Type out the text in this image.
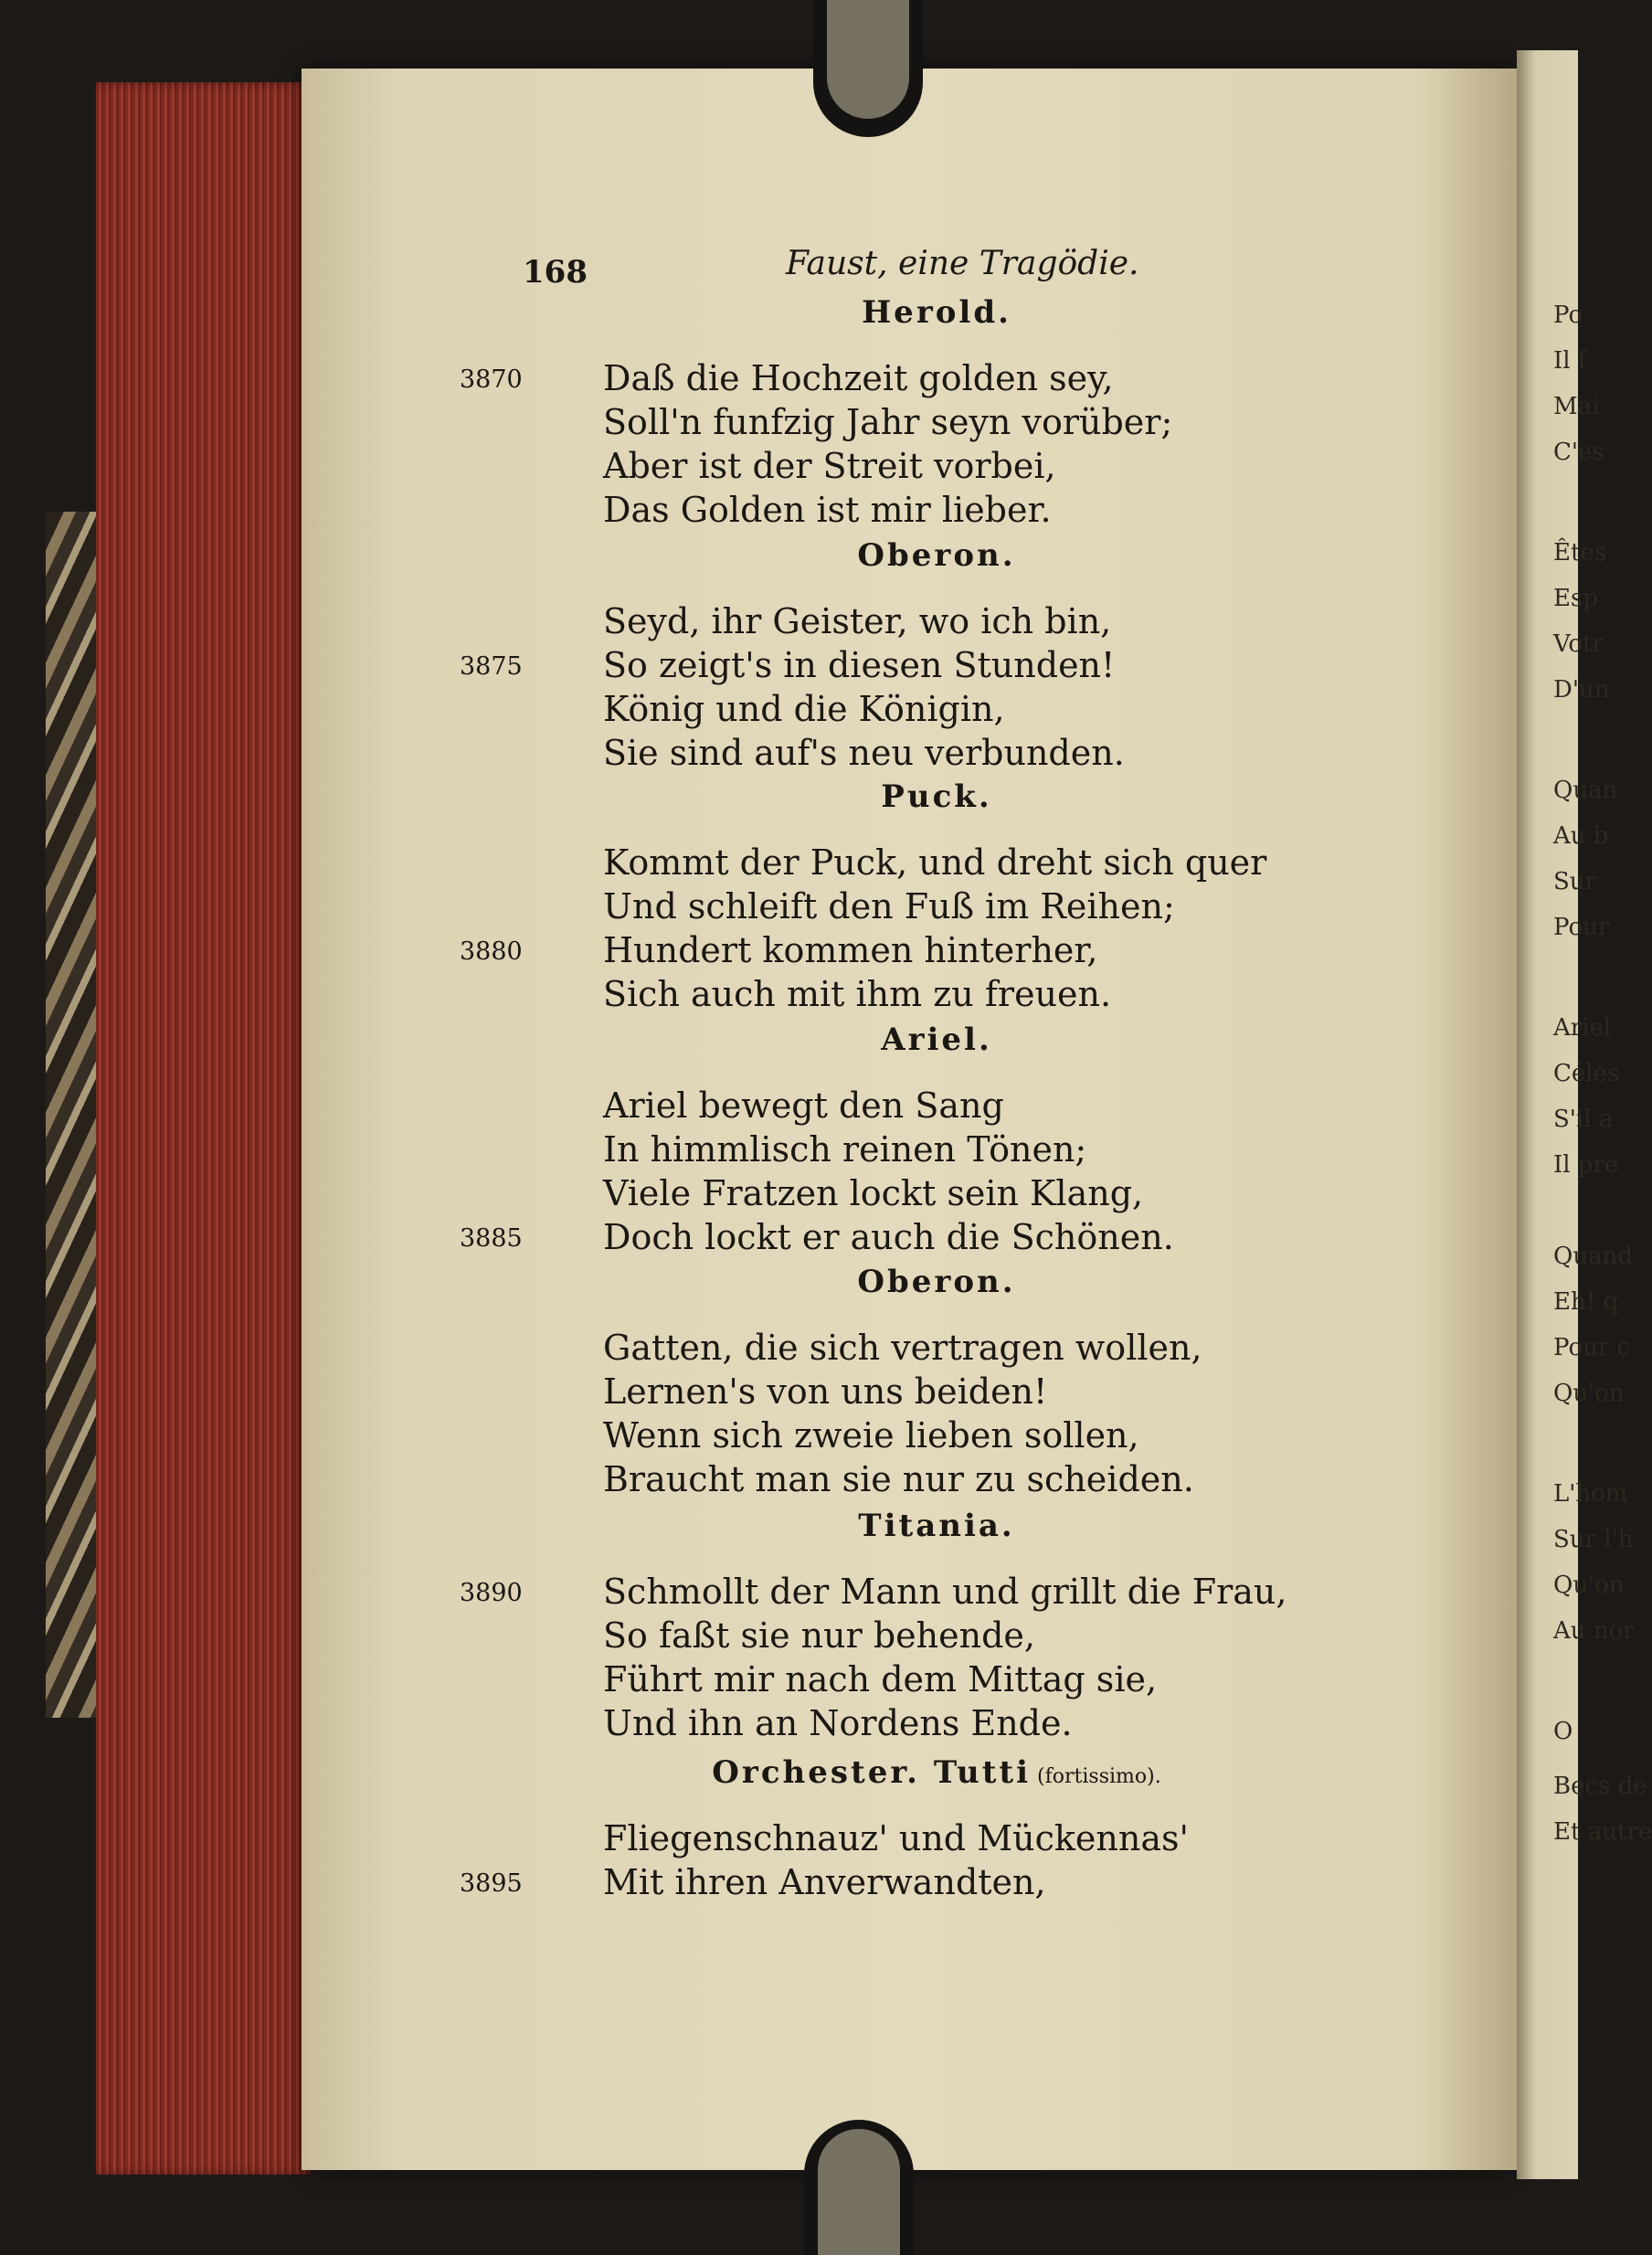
Po
Il f
Mai
C'es
Êtes
Esp
Votr
D'un
Quan
Au b
Sur
Pour
Ariel
Céles
S'il a
Il pre
Quand
Eh! q
Pour c
Qu'on
L'hom
Sur l'h
Qu'on
Au nor
O
Becs de
Et autre
168	Faust, eine Tragödie.
Herold.
Daß die Hochzeit golden sey,
3870
Soll'n funfzig Jahr seyn vorüber;
Aber ist der Streit vorbei,
Das Golden ist mir lieber.
Oberon.
Seyd, ihr Geister, wo ich bin,
So zeigt's in diesen Stunden!
3875
König und die Königin,
Sie sind auf's neu verbunden.
Puck.
Kommt der Puck, und dreht sich quer
Und schleift den Fuß im Reihen;
Hundert kommen hinterher,
3880
Sich auch mit ihm zu freuen.
Ariel.
Ariel bewegt den Sang
In himmlisch reinen Tönen;
Viele Fratzen lockt sein Klang,
Doch lockt er auch die Schönen.
3885
Oberon.
Gatten, die sich vertragen wollen,
Lernen's von uns beiden!
Wenn sich zweie lieben sollen,
Braucht man sie nur zu scheiden.
Titania.
Schmollt der Mann und grillt die Frau,
3890
So faßt sie nur behende,
Führt mir nach dem Mittag sie,
Und ihn an Nordens Ende.
Orchester. Tutti (fortissimo).
Fliegenschnauz' und Mückennas'
Mit ihren Anverwandten,
3895
